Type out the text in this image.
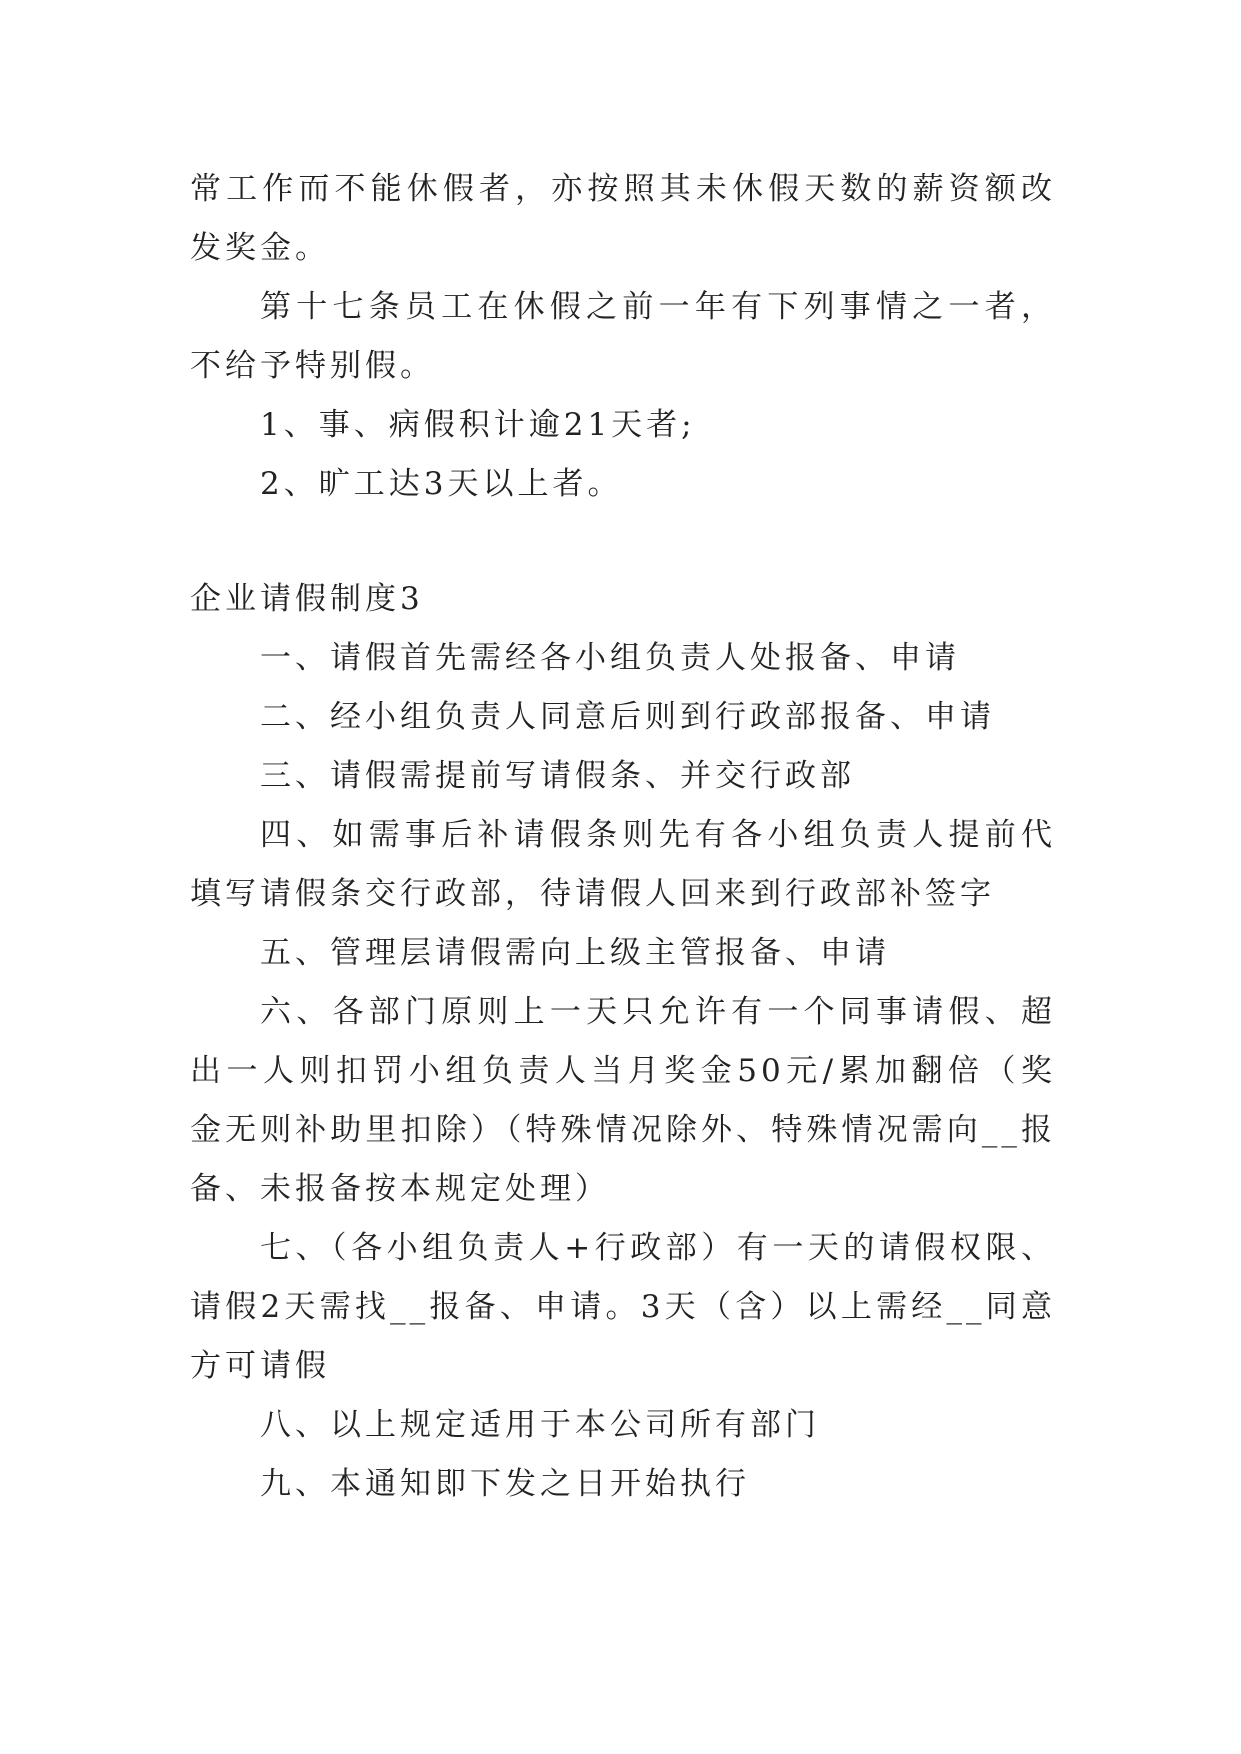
常工作而不能休假者，亦按照其未休假天数的薪资额改发奖金。

第十七条员工在休假之前一年有下列事情之一者，不给予特别假。

1、事、病假积计逾21天者;

2、旷工达3天以上者。

企业请假制度3

一、请假首先需经各小组负责人处报备、申请

二、经小组负责人同意后则到行政部报备、申请

三、请假需提前写请假条、并交行政部

四、如需事后补请假条则先有各小组负责人提前代填写请假条交行政部，待请假人回来到行政部补签字

五、管理层请假需向上级主管报备、申请

六、各部门原则上一天只允许有一个同事请假、超出一人则扣罚小组负责人当月奖金50元/累加翻倍（奖金无则补助里扣除）（特殊情况除外、特殊情况需向__报备、未报备按本规定处理）

七、（各小组负责人+行政部）有一天的请假权限、请假2天需找__报备、申请。3天（含）以上需经__同意方可请假

八、以上规定适用于本公司所有部门

九、本通知即下发之日开始执行
